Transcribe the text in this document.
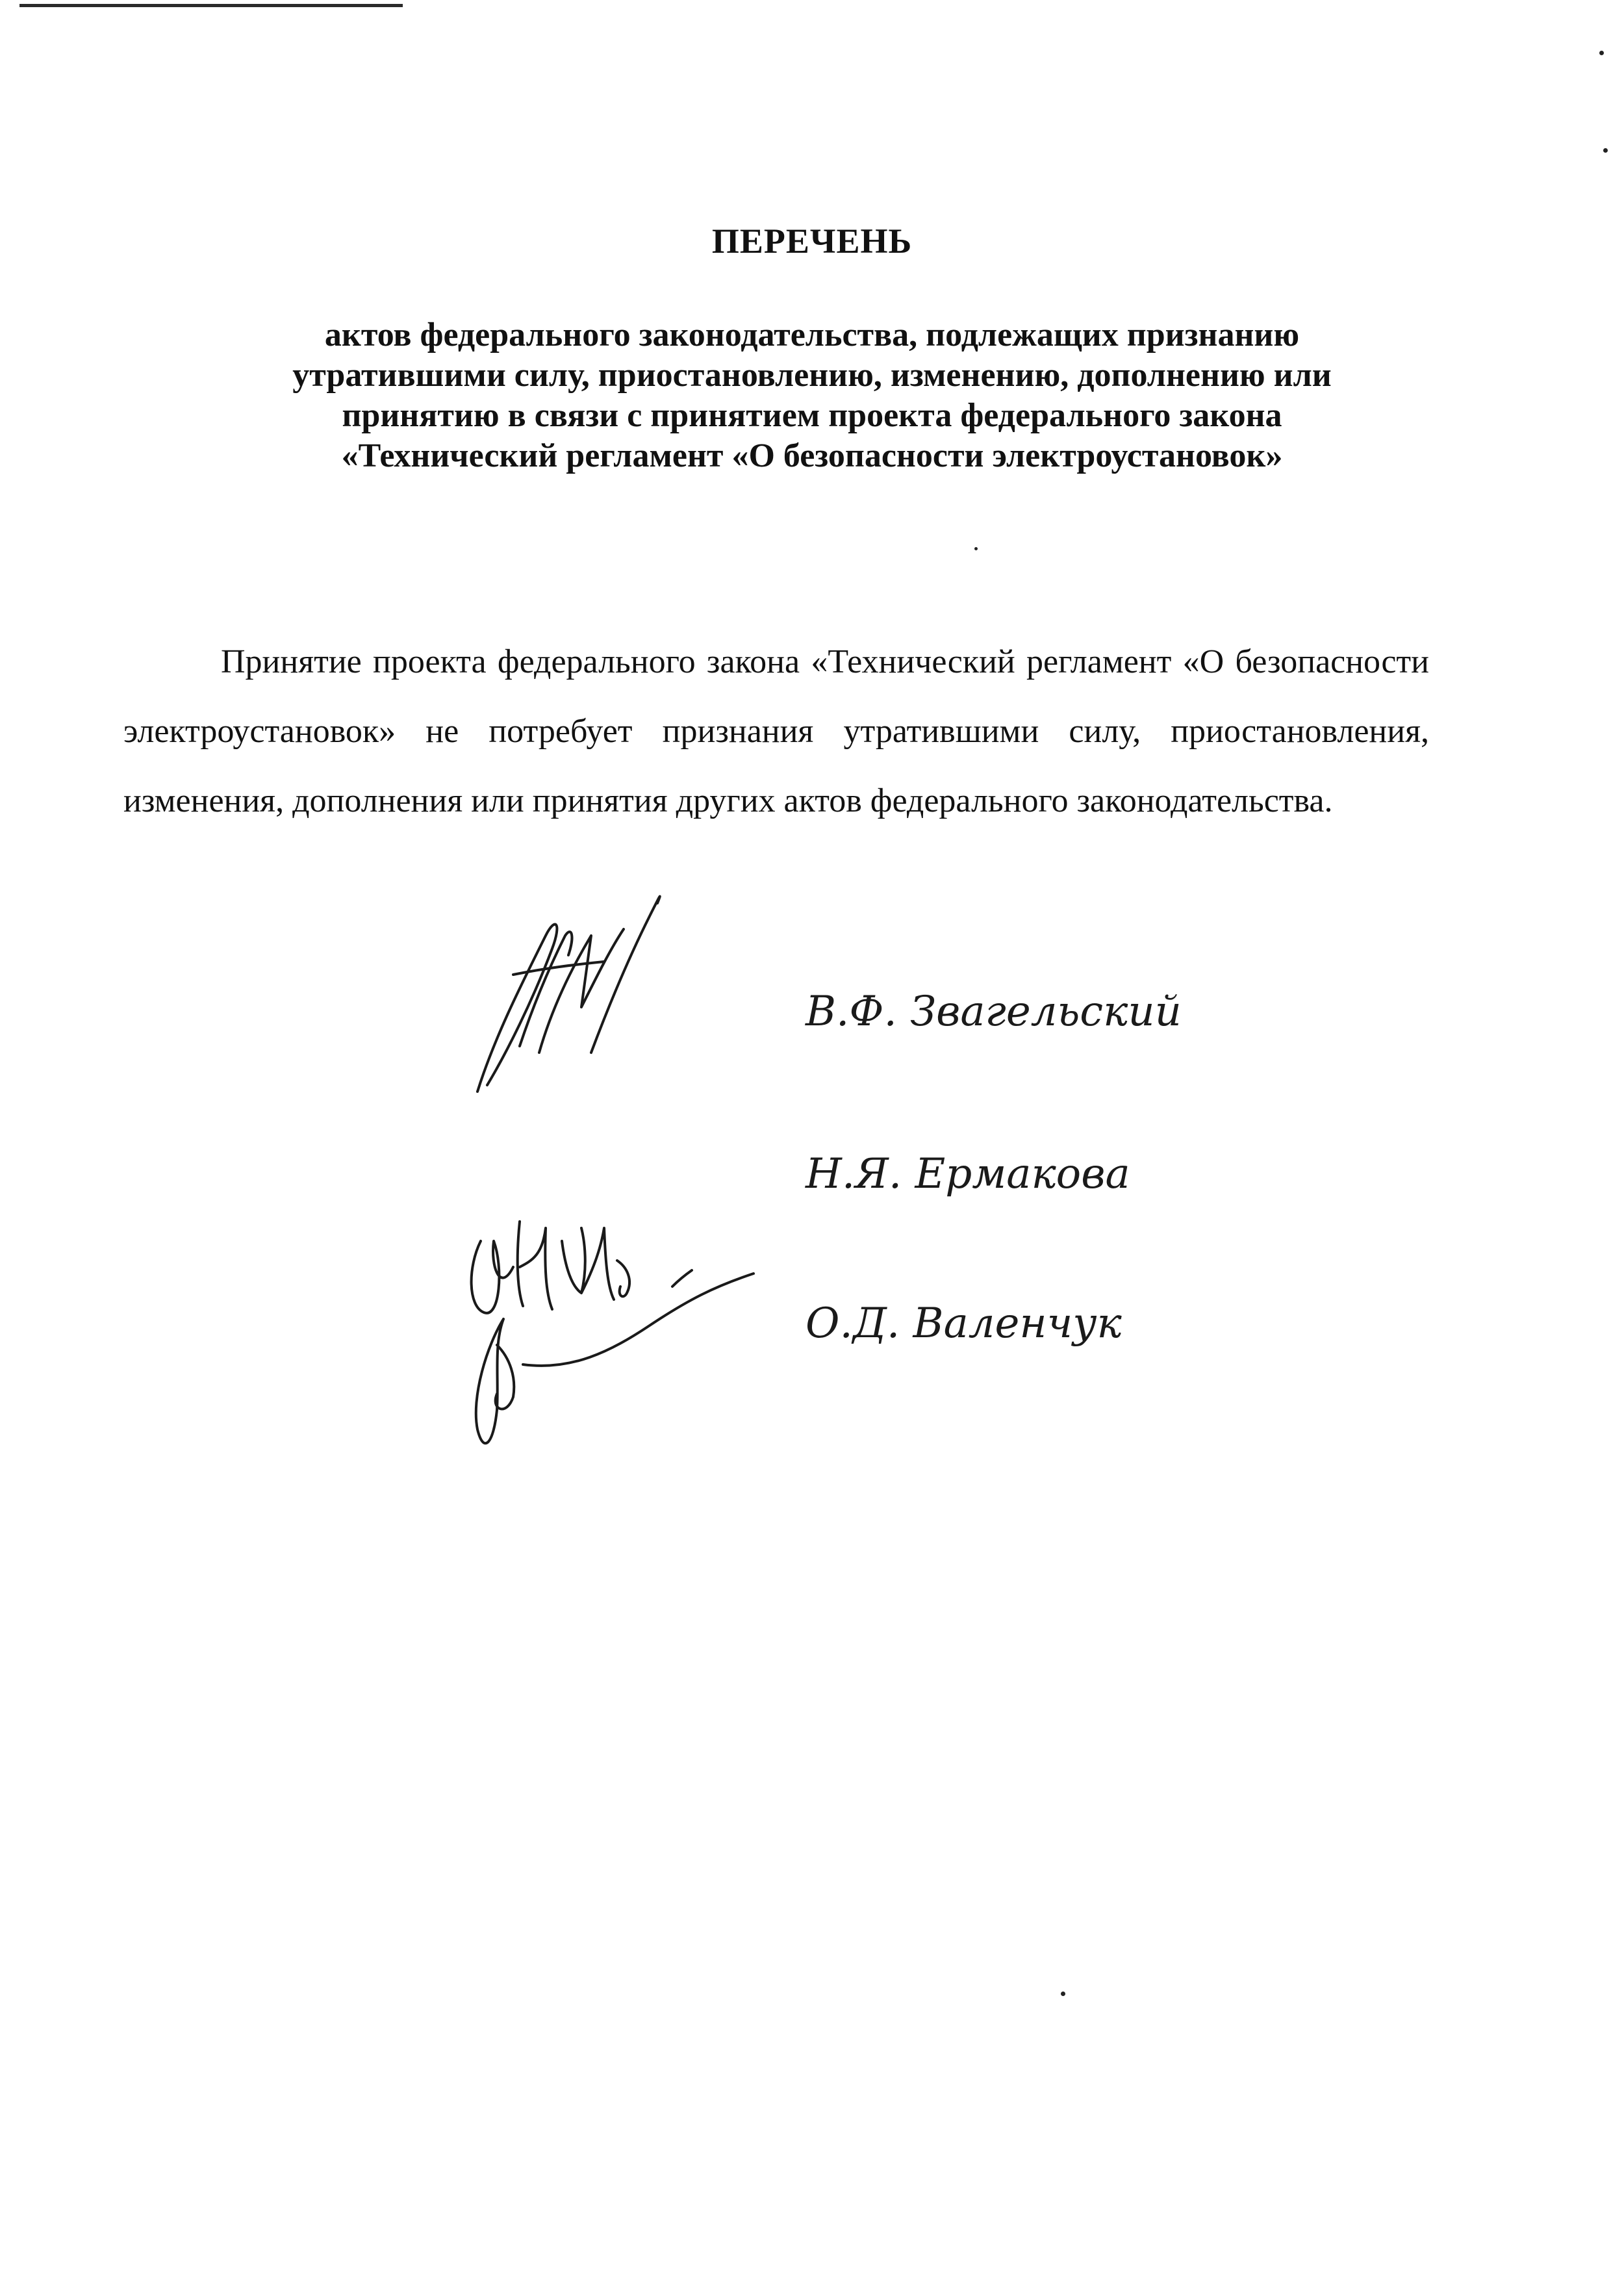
ПЕРЕЧЕНЬ
актов федерального законодательства, подлежащих признанию
утратившими силу, приостановлению, изменению, дополнению или
принятию в связи с принятием проекта федерального закона
«Технический регламент «О безопасности электроустановок»
Принятие проекта федерального закона «Технический регламент «О безопасности электроустановок» не потребует признания утратившими силу, приостановления, изменения, дополнения или принятия других актов федерального законодательства.
В.Ф. Звагельский
Н.Я. Ермакова
О.Д. Валенчук
